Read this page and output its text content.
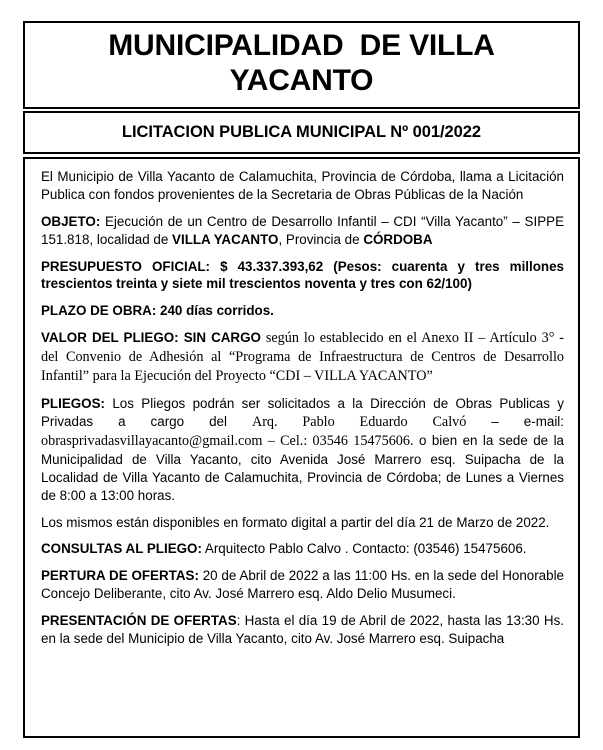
MUNICIPALIDAD  DE VILLA YACANTO
LICITACION PUBLICA MUNICIPAL Nº 001/2022

El Municipio de Villa Yacanto de Calamuchita, Provincia de Córdoba, llama a Licitación Publica con fondos provenientes de la Secretaria de Obras Públicas de la Nación

OBJETO: Ejecución de un Centro de Desarrollo Infantil – CDI “Villa Yacanto” – SIPPE 151.818, localidad de VILLA YACANTO, Provincia de CÓRDOBA

PRESUPUESTO OFICIAL: $ 43.337.393,62 (Pesos: cuarenta y tres millones trescientos treinta y siete mil trescientos noventa y tres con 62/100)

PLAZO DE OBRA: 240 días corridos.

VALOR DEL PLIEGO: SIN CARGO según lo establecido en el Anexo II – Artículo 3° - del Convenio de Adhesión al “Programa de Infraestructura de Centros de Desarrollo Infantil” para la Ejecución del Proyecto “CDI – VILLA YACANTO”

PLIEGOS: Los Pliegos podrán ser solicitados a la Dirección de Obras Publicas y Privadas a cargo del Arq. Pablo Eduardo Calvó – e-mail: obrasprivadasvillayacanto@gmail.com – Cel.: 03546 15475606. o bien en la sede de la Municipalidad de Villa Yacanto, cito Avenida José Marrero esq. Suipacha de la Localidad de Villa Yacanto de Calamuchita, Provincia de Córdoba; de Lunes a Viernes de 8:00 a 13:00 horas.

Los mismos están disponibles en formato digital a partir del día 21 de Marzo de 2022.

CONSULTAS AL PLIEGO: Arquitecto Pablo Calvo . Contacto: (03546) 15475606.

PERTURA DE OFERTAS: 20 de Abril de 2022 a las 11:00 Hs. en la sede del Honorable Concejo Deliberante, cito Av. José Marrero esq. Aldo Delio Musumeci.

PRESENTACIÓN DE OFERTAS: Hasta el día 19 de Abril de 2022, hasta las 13:30 Hs. en la sede del Municipio de Villa Yacanto, cito Av. José Marrero esq. Suipacha
